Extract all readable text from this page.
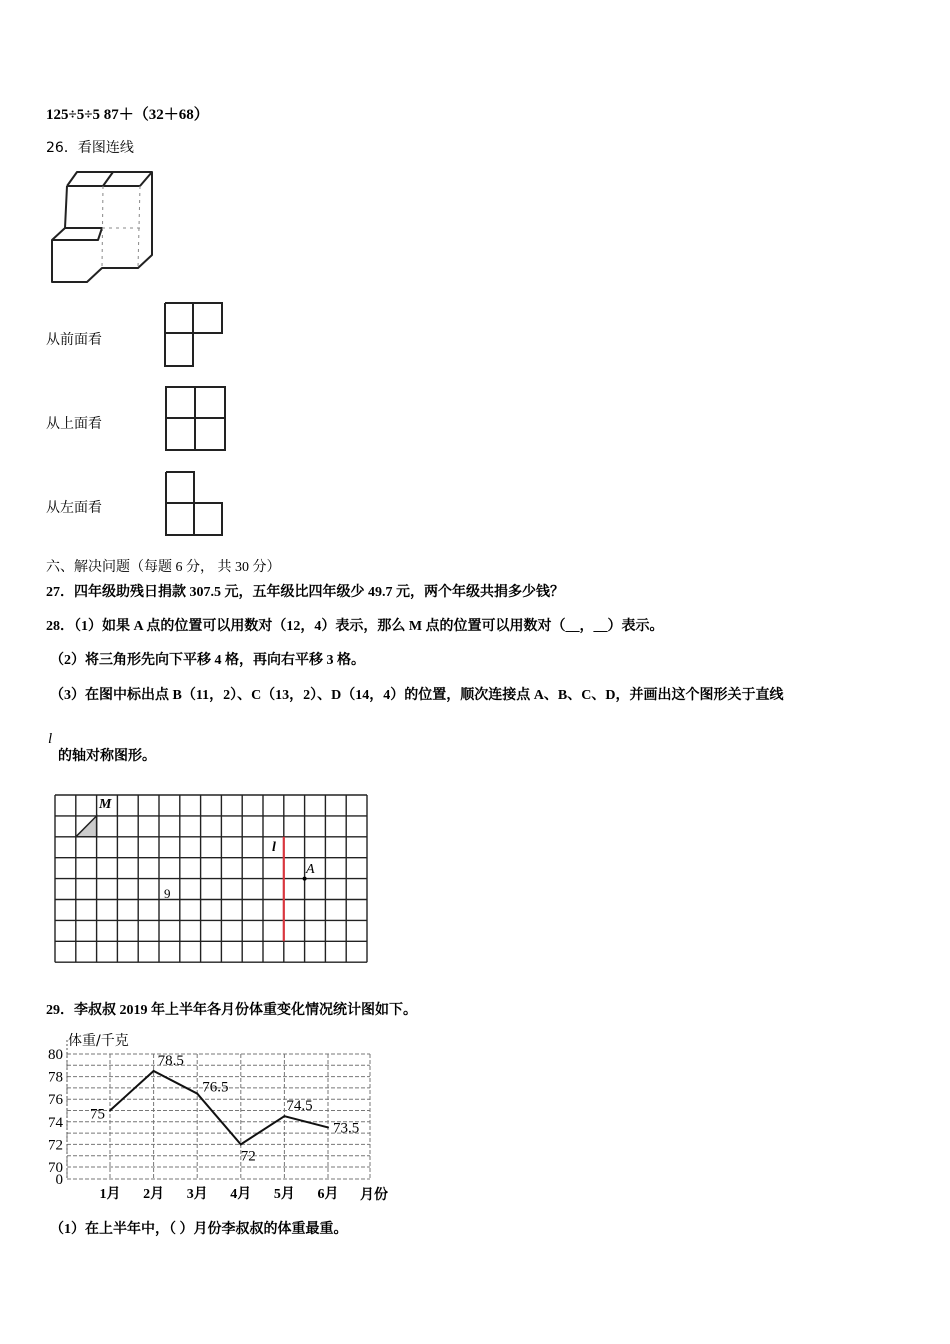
125÷5÷5 87＋（32＋68）
26．看图连线
从前面看
从上面看
从左面看
六、解决问题（每题 6 分， 共 30 分）
27．四年级助残日捐款 307.5 元，五年级比四年级少 49.7 元，两个年级共捐多少钱？
28．（1）如果 A 点的位置可以用数对（12，4）表示，那么 M 点的位置可以用数对（__，__）表示。
（2）将三角形先向下平移 4 格，再向右平移 3 格。
（3）在图中标出点 B（11，2）、C（13，2）、D（14，4）的位置，顺次连接点 A、B、C、D，并画出这个图形关于直线
l
的轴对称图形。
M
A
l
9
29．李叔叔 2019 年上半年各月份体重变化情况统计图如下。
80
78
76
74
72
70
0
1月 2月 3月 4月 5月 6月
75
78.5
76.5
72
74.5
73.5
体重/千克
月份
（1）在上半年中，（ ）月份李叔叔的体重最重。
